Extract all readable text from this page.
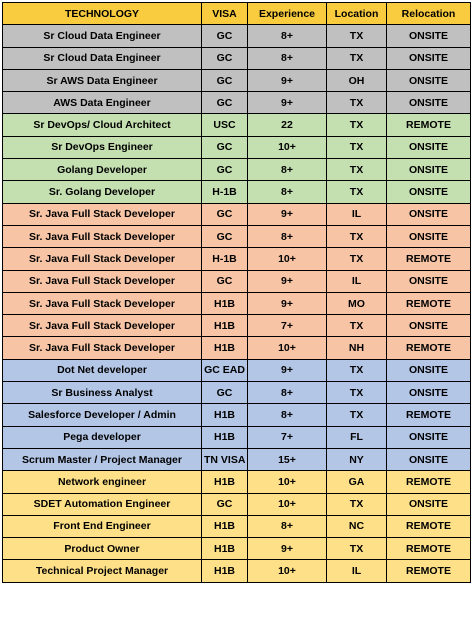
TECHNOLOGY	VISA	Experience	Location	Relocation
Sr Cloud Data Engineer	GC	8+	TX	ONSITE
Sr Cloud Data Engineer	GC	8+	TX	ONSITE
Sr AWS Data Engineer	GC	9+	OH	ONSITE
AWS Data Engineer	GC	9+	TX	ONSITE
Sr DevOps/ Cloud Architect	USC	22	TX	REMOTE
Sr DevOps Engineer	GC	10+	TX	ONSITE
Golang Developer	GC	8+	TX	ONSITE
Sr. Golang Developer	H-1B	8+	TX	ONSITE
Sr. Java Full Stack Developer	GC	9+	IL	ONSITE
Sr. Java Full Stack Developer	GC	8+	TX	ONSITE
Sr. Java Full Stack Developer	H-1B	10+	TX	REMOTE
Sr. Java Full Stack Developer	GC	9+	IL	ONSITE
Sr. Java Full Stack Developer	H1B	9+	MO	REMOTE
Sr. Java Full Stack Developer	H1B	7+	TX	ONSITE
Sr. Java Full Stack Developer	H1B	10+	NH	REMOTE
Dot Net developer	GC EAD	9+	TX	ONSITE
Sr Business Analyst	GC	8+	TX	ONSITE
Salesforce Developer / Admin	H1B	8+	TX	REMOTE
Pega developer	H1B	7+	FL	ONSITE
Scrum Master / Project Manager	TN VISA	15+	NY	ONSITE
Network engineer	H1B	10+	GA	REMOTE
SDET Automation Engineer	GC	10+	TX	ONSITE
Front End Engineer	H1B	8+	NC	REMOTE
Product Owner	H1B	9+	TX	REMOTE
Technical Project Manager	H1B	10+	IL	REMOTE
